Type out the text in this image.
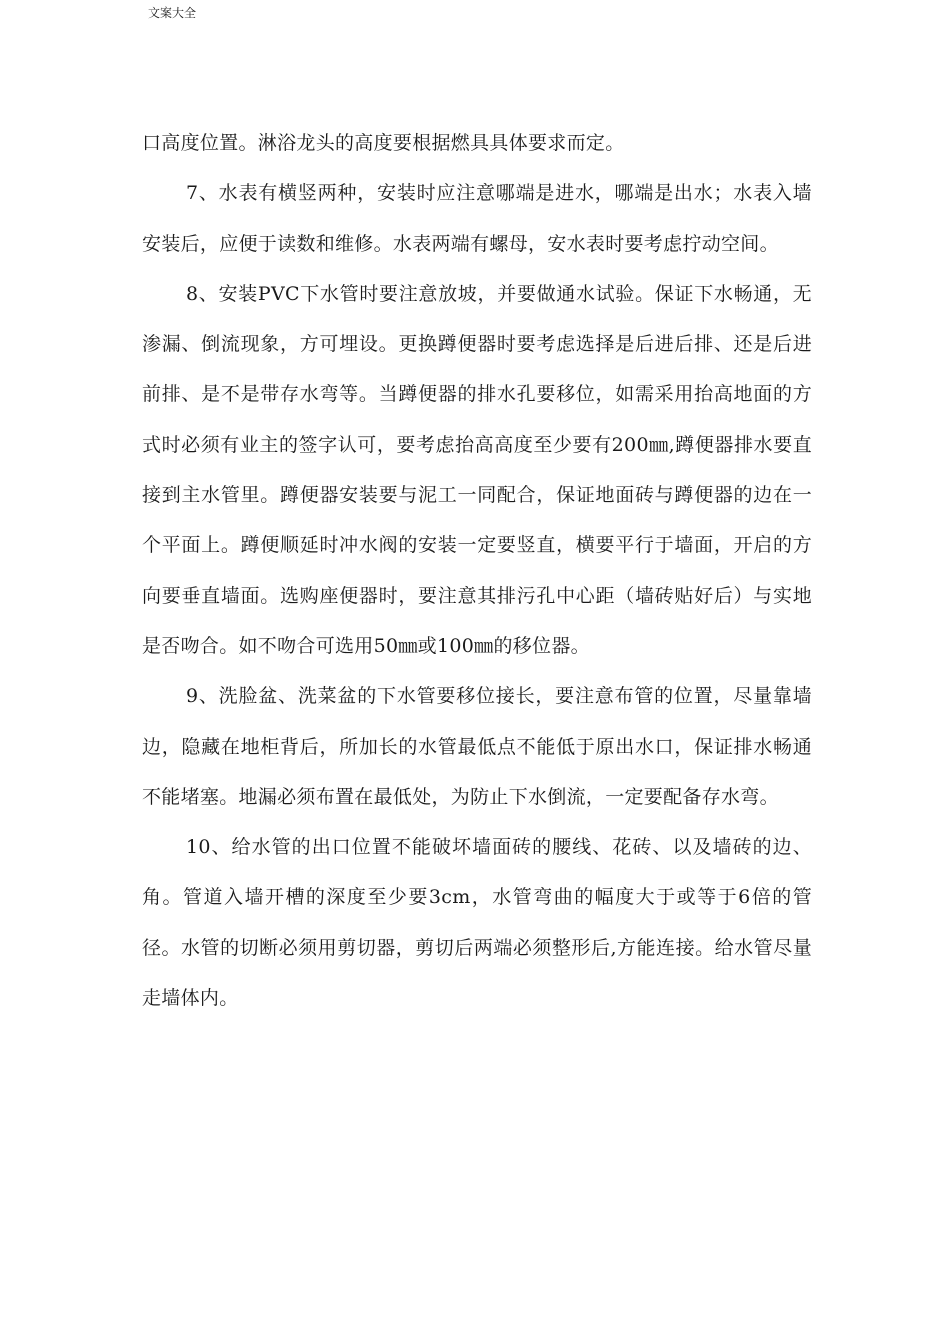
文案大全

口高度位置。淋浴龙头的高度要根据燃具具体要求而定。

7、水表有横竖两种，安装时应注意哪端是进水，哪端是出水；水表入墙安装后，应便于读数和维修。水表两端有螺母，安水表时要考虑拧动空间。

8、安装PVC下水管时要注意放坡，并要做通水试验。保证下水畅通，无渗漏、倒流现象，方可埋设。更换蹲便器时要考虑选择是后进后排、还是后进前排、是不是带存水弯等。当蹲便器的排水孔要移位，如需采用抬高地面的方式时必须有业主的签字认可，要考虑抬高高度至少要有200㎜,蹲便器排水要直接到主水管里。蹲便器安装要与泥工一同配合，保证地面砖与蹲便器的边在一个平面上。蹲便顺延时冲水阀的安装一定要竖直，横要平行于墙面，开启的方向要垂直墙面。选购座便器时，要注意其排污孔中心距（墙砖贴好后）与实地是否吻合。如不吻合可选用50㎜或100㎜的移位器。

9、洗脸盆、洗菜盆的下水管要移位接长，要注意布管的位置，尽量靠墙边，隐藏在地柜背后，所加长的水管最低点不能低于原出水口，保证排水畅通不能堵塞。地漏必须布置在最低处，为防止下水倒流，一定要配备存水弯。

10、给水管的出口位置不能破坏墙面砖的腰线、花砖、以及墙砖的边、角。管道入墙开槽的深度至少要3cm，水管弯曲的幅度大于或等于6倍的管径。水管的切断必须用剪切器，剪切后两端必须整形后,方能连接。给水管尽量走墙体内。
